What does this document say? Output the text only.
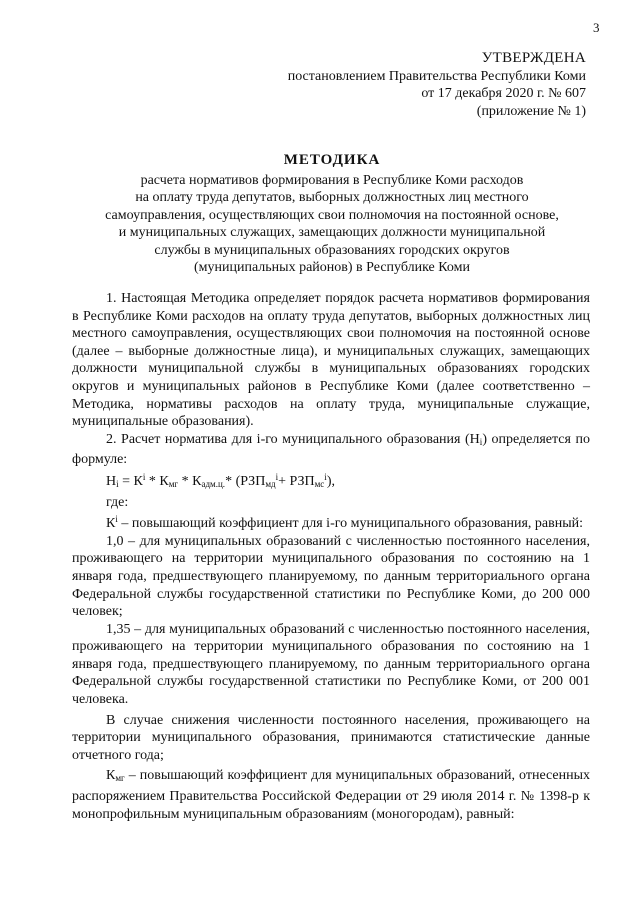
3
УТВЕРЖДЕНА
постановлением Правительства Республики Коми
от 17 декабря 2020 г. № 607
(приложение № 1)
МЕТОДИКА
расчета нормативов формирования в Республике Коми расходов
на оплату труда депутатов, выборных должностных лиц местного
самоуправления, осуществляющих свои полномочия на постоянной основе,
и муниципальных служащих, замещающих должности муниципальной
службы в муниципальных образованиях городских округов
(муниципальных районов) в Республике Коми

1. Настоящая Методика определяет порядок расчета нормативов формирования в Республике Коми расходов на оплату труда депутатов, выборных должностных лиц местного самоуправления, осуществляющих свои полномочия на постоянной основе (далее – выборные должностные лица), и муниципальных служащих, замещающих должности муниципальной службы в муниципальных образованиях городских округов и муниципальных районов в Республике Коми (далее соответственно – Методика, нормативы расходов на оплату труда, муниципальные служащие, муниципальные образования).

2. Расчет норматива для i-го муниципального образования $(Н_i)$ определяется по формуле:

$Н_i = К^i * К_{мг} * К_{адм.ц.}*$ $(РЗП_{мд}^i+ РЗП_{мс}^i)$,
где:

$К^i$ – повышающий коэффициент для i-го муниципального образования, равный:

1,0 – для муниципальных образований с численностью постоянного населения, проживающего на территории муниципального образования по состоянию на 1 января года, предшествующего планируемому, по данным территориального органа Федеральной службы государственной статистики по Республике Коми, до 200 000 человек;

1,35 – для муниципальных образований с численностью постоянного населения, проживающего на территории муниципального образования по состоянию на 1 января года, предшествующего планируемому, по данным территориального органа Федеральной службы государственной статистики по Республике Коми, от 200 001 человека.

В случае снижения численности постоянного населения, проживающего на территории муниципального образования, принимаются статистические данные отчетного года;

$К_{мг}$ – повышающий коэффициент для муниципальных образований, отнесенных распоряжением Правительства Российской Федерации от 29 июля 2014 г. № 1398-р к монопрофильным муниципальным образованиям (моногородам), равный:
